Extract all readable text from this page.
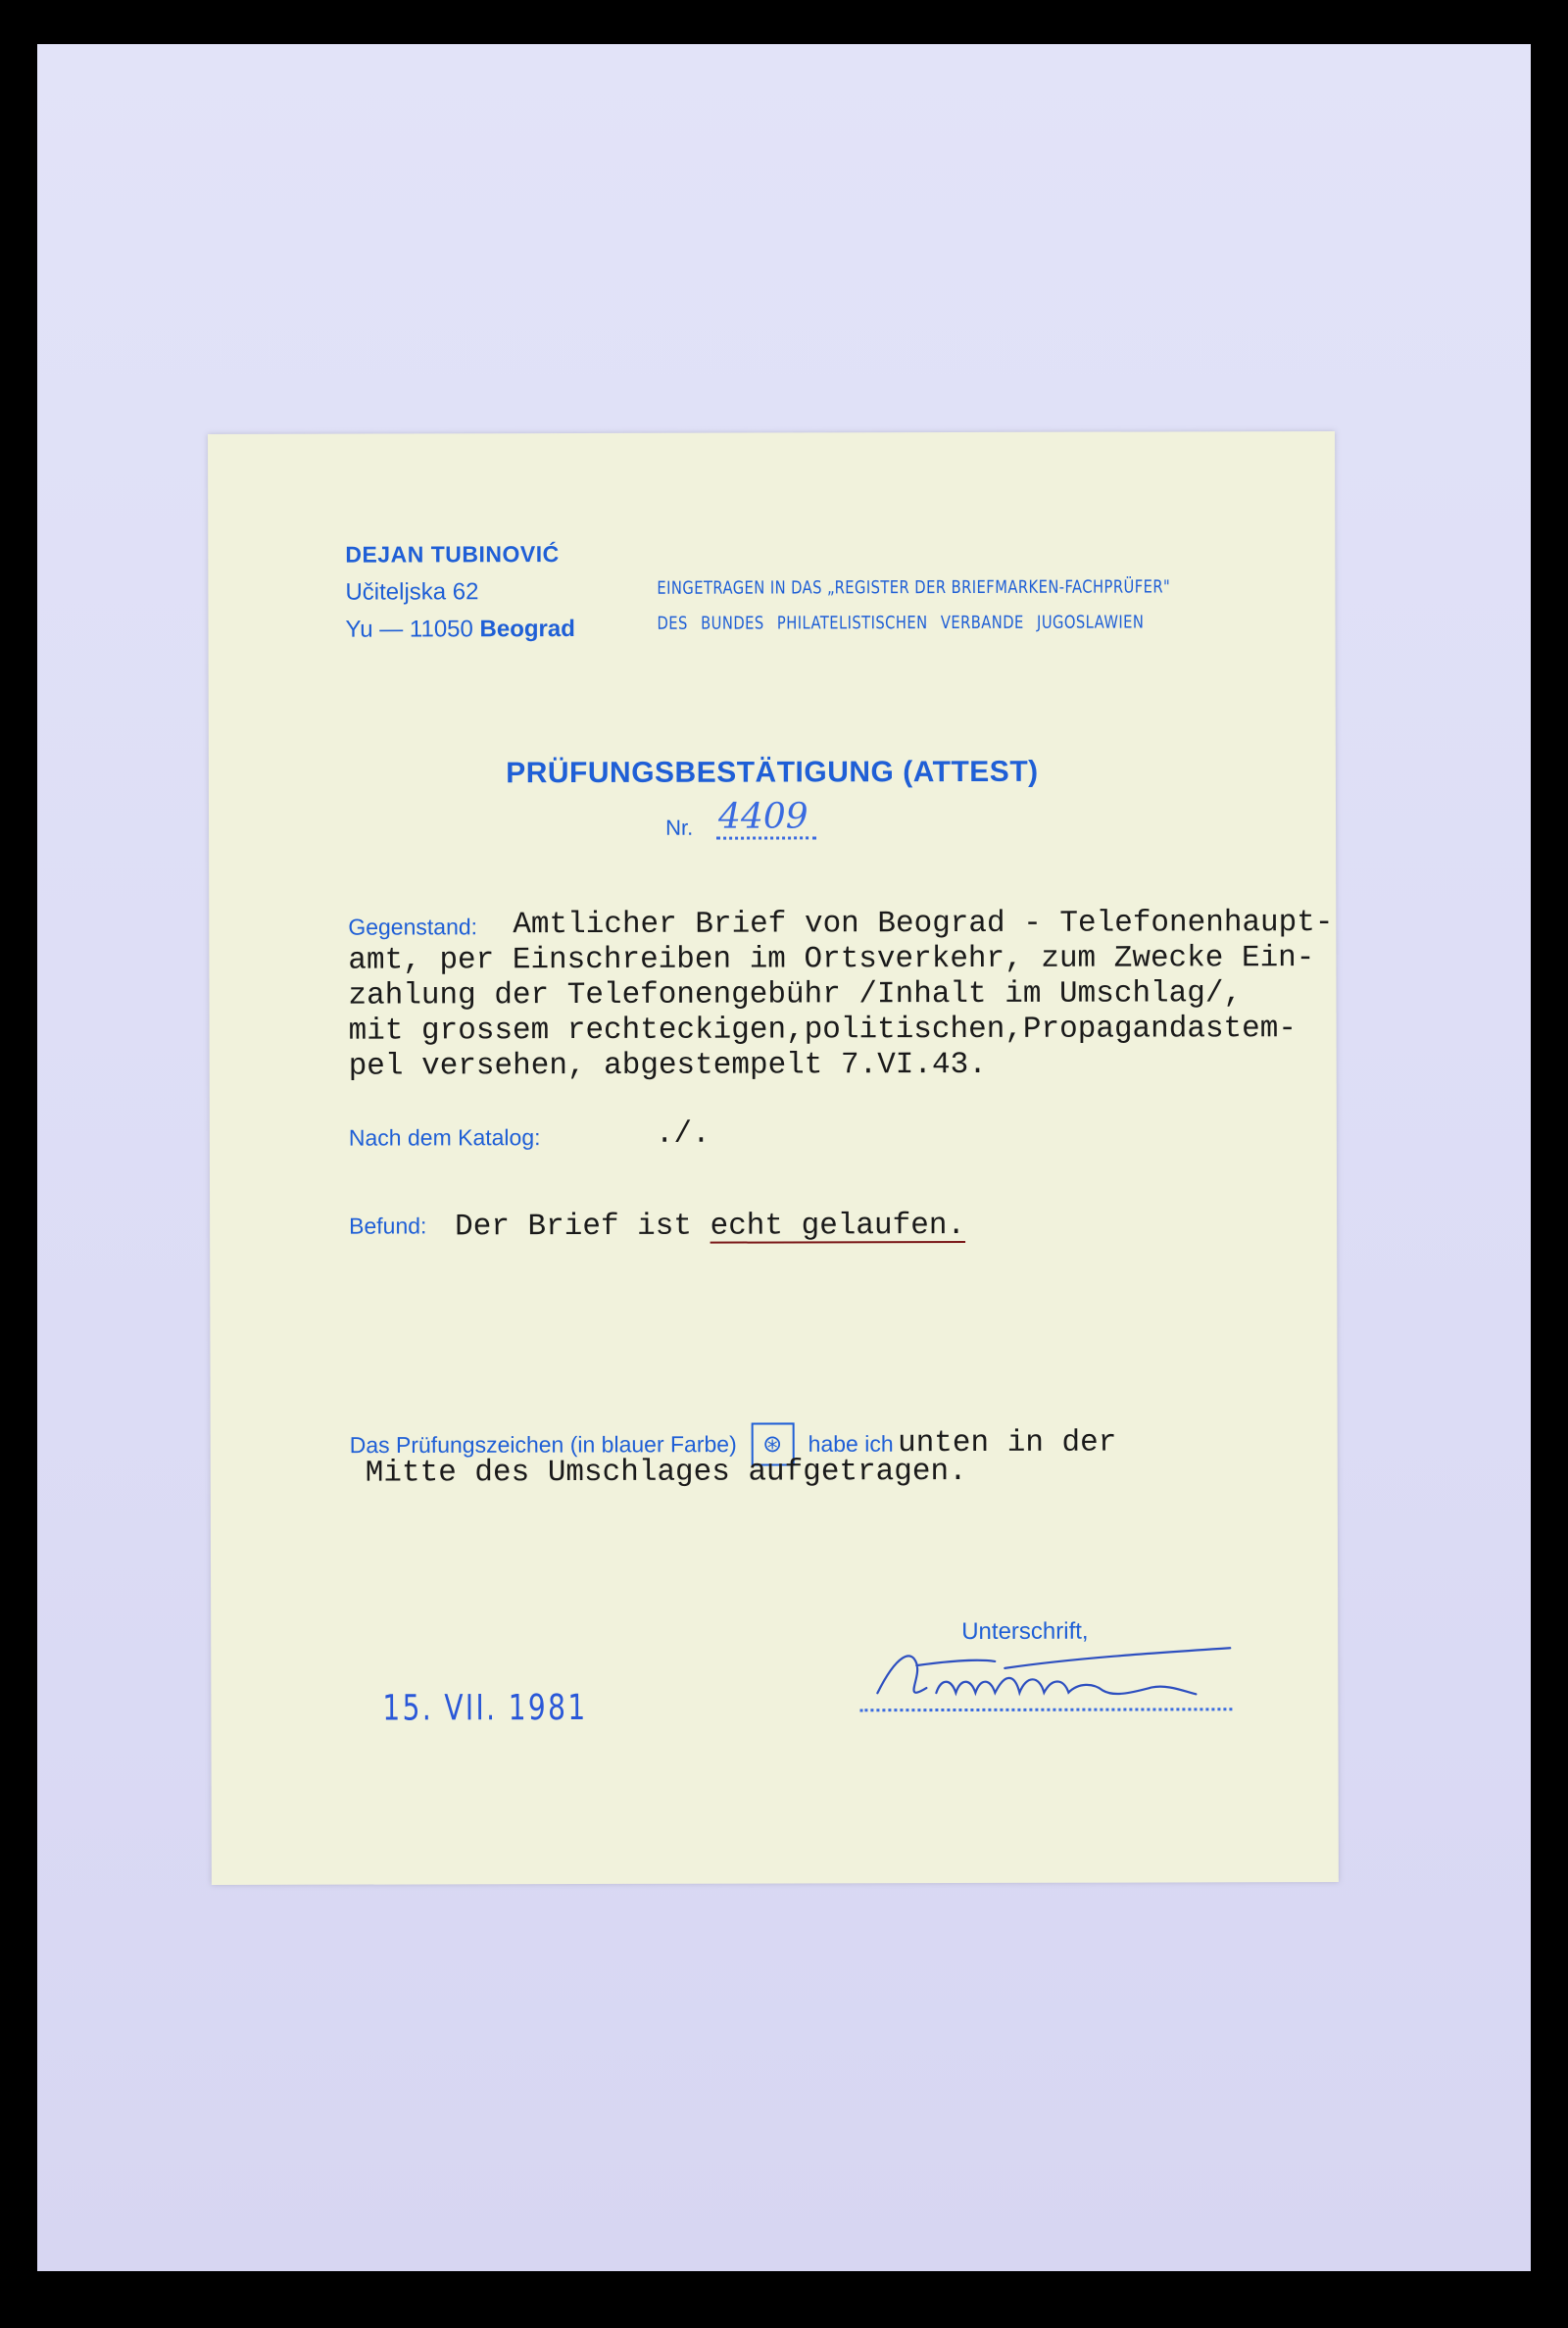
DEJAN TUBINOVIĆ

Učiteljska 62

Yu — 11050 Beograd

EINGETRAGEN IN DAS „REGISTER DER BRIEFMARKEN-FACHPRÜFER"

DES BUNDES PHILATELISTISCHEN VERBANDE JUGOSLAWIEN

PRÜFUNGSBESTÄTIGUNG (ATTEST)
Nr. 4409
Gegenstand: Amtlicher Brief von Beograd - Telefonenhaupt-
amt, per Einschreiben im Ortsverkehr, zum Zwecke Ein-
zahlung der Telefonengebühr /Inhalt im Umschlag/,
mit grossem rechteckigen,politischen,Propagandastem-
pel versehen, abgestempelt 7.VI.43.
Nach dem Katalog:	./.
Befund: Der Brief ist echt gelaufen.
Das Prüfungszeichen (in blauer Farbe) ⊛ habe ich unten in der
Mitte des Umschlages aufgetragen.
Unterschrift,
15. VII. 1981
